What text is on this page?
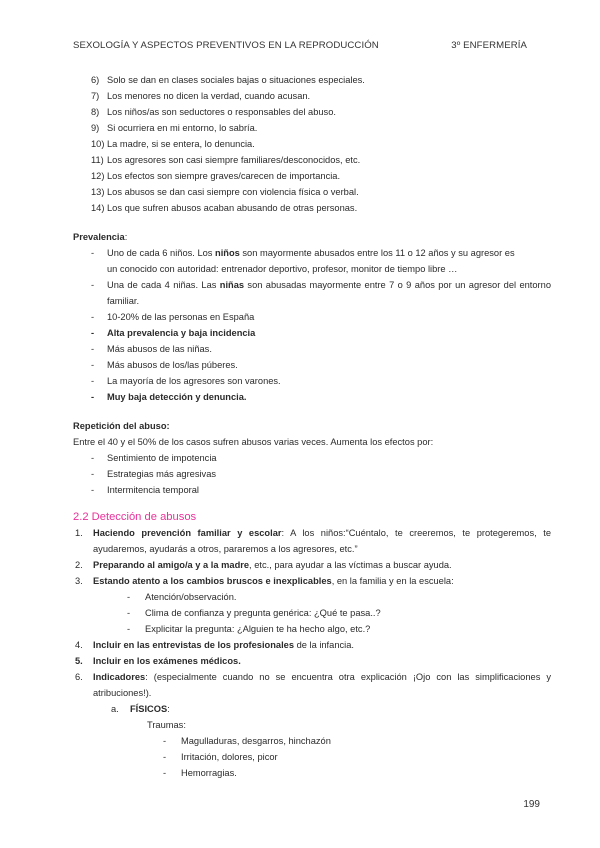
SEXOLOGÍA Y ASPECTOS PREVENTIVOS EN LA REPRODUCCIÓN	3º ENFERMERÍA
6) Solo se dan en clases sociales bajas o situaciones especiales.
7) Los menores no dicen la verdad, cuando acusan.
8) Los niños/as son seductores o responsables del abuso.
9) Si ocurriera en mi entorno, lo sabría.
10) La madre, si se entera, lo denuncia.
11) Los agresores son casi siempre familiares/desconocidos, etc.
12) Los efectos son siempre graves/carecen de importancia.
13) Los abusos se dan casi siempre con violencia física o verbal.
14) Los que sufren abusos acaban abusando de otras personas.
Prevalencia:
-	Uno de cada 6 niños. Los niños son mayormente abusados entre los 11 o 12 años y su agresor es
un conocido con autoridad: entrenador deportivo, profesor, monitor de tiempo libre …
-	Una de cada 4 niñas. Las niñas son abusadas mayormente entre 7 o 9 años por un agresor del entorno familiar.
-	10-20% de las personas en España
-	Alta prevalencia y baja incidencia
-	Más abusos de las niñas.
-	Más abusos de los/las púberes.
-	La mayoría de los agresores son varones.
-	Muy baja detección y denuncia.
Repetición del abuso:
Entre el 40 y el 50% de los casos sufren abusos varias veces. Aumenta los efectos por:
-	Sentimiento de impotencia
-	Estrategias más agresivas
-	Intermitencia temporal
2.2 Detección de abusos
1.	Haciendo prevención familiar y escolar: A los niños:“Cuéntalo, te creeremos, te protegeremos, te ayudaremos, ayudarás a otros, pararemos a los agresores, etc.”
2.	Preparando al amigo/a y a la madre, etc., para ayudar a las víctimas a buscar ayuda.
3.	Estando atento a los cambios bruscos e inexplicables, en la familia y en la escuela:
-	Atención/observación.
-	Clima de confianza y pregunta genérica: ¿Qué te pasa..?
-	Explicitar la pregunta: ¿Alguien te ha hecho algo, etc.?
4.	Incluir en las entrevistas de los profesionales de la infancia.
5.	Incluir en los exámenes médicos.
6.	Indicadores: (especialmente cuando no se encuentra otra explicación ¡Ojo con las simplificaciones y atribuciones!).
a.	FÍSICOS:
Traumas:
-	Magulladuras, desgarros, hinchazón
-	Irritación, dolores, picor
-	Hemorragias.
199
